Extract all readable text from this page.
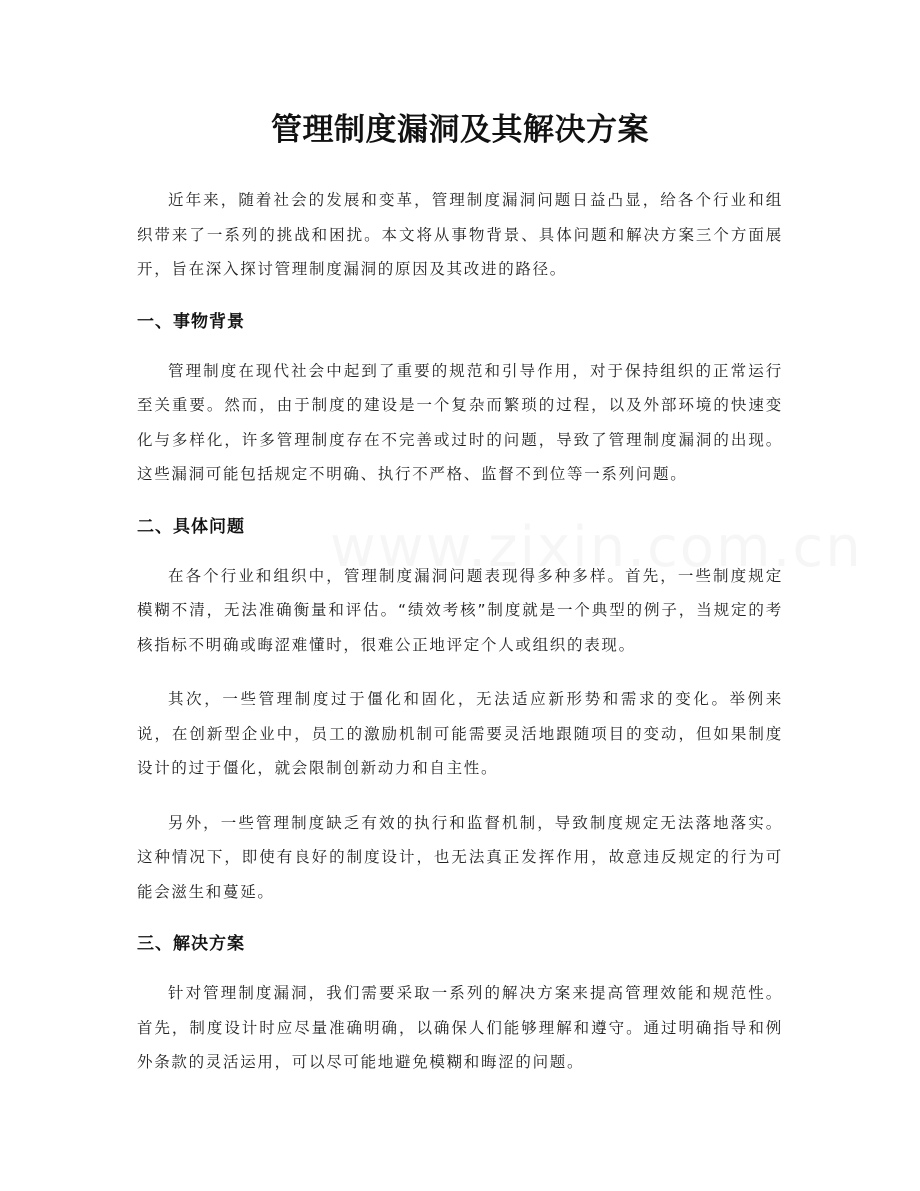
管理制度漏洞及其解决方案

近年来，随着社会的发展和变革，管理制度漏洞问题日益凸显，给各个行业和组织带来了一系列的挑战和困扰。本文将从事物背景、具体问题和解决方案三个方面展开，旨在深入探讨管理制度漏洞的原因及其改进的路径。

一、事物背景

管理制度在现代社会中起到了重要的规范和引导作用，对于保持组织的正常运行至关重要。然而，由于制度的建设是一个复杂而繁琐的过程，以及外部环境的快速变化与多样化，许多管理制度存在不完善或过时的问题，导致了管理制度漏洞的出现。这些漏洞可能包括规定不明确、执行不严格、监督不到位等一系列问题。

二、具体问题

在各个行业和组织中，管理制度漏洞问题表现得多种多样。首先，一些制度规定模糊不清，无法准确衡量和评估。“绩效考核”制度就是一个典型的例子，当规定的考核指标不明确或晦涩难懂时，很难公正地评定个人或组织的表现。

其次，一些管理制度过于僵化和固化，无法适应新形势和需求的变化。举例来说，在创新型企业中，员工的激励机制可能需要灵活地跟随项目的变动，但如果制度设计的过于僵化，就会限制创新动力和自主性。

另外，一些管理制度缺乏有效的执行和监督机制，导致制度规定无法落地落实。这种情况下，即使有良好的制度设计，也无法真正发挥作用，故意违反规定的行为可能会滋生和蔓延。

三、解决方案

针对管理制度漏洞，我们需要采取一系列的解决方案来提高管理效能和规范性。首先，制度设计时应尽量准确明确，以确保人们能够理解和遵守。通过明确指导和例外条款的灵活运用，可以尽可能地避免模糊和晦涩的问题。
